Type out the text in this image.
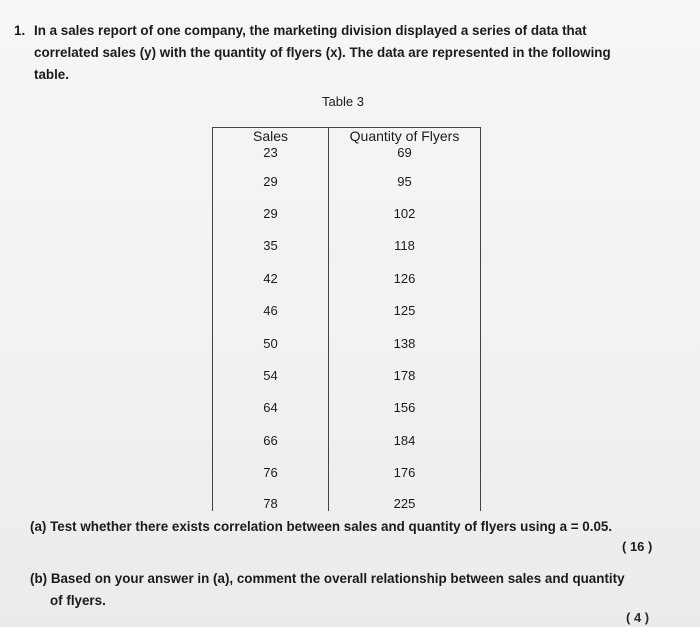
1. In a sales report of one company, the marketing division displayed a series of data that
correlated sales (y) with the quantity of flyers (x). The data are represented in the following
table.
Table 3
Sales	Quantity of Flyers
23	69
29	95
29	102
35	118
42	126
46	125
50	138
54	178
64	156
66	184
76	176
78	225
(a) Test whether there exists correlation between sales and quantity of flyers using a = 0.05.
( 16 )
(b) Based on your answer in (a), comment the overall relationship between sales and quantity
of flyers.
( 4 )
